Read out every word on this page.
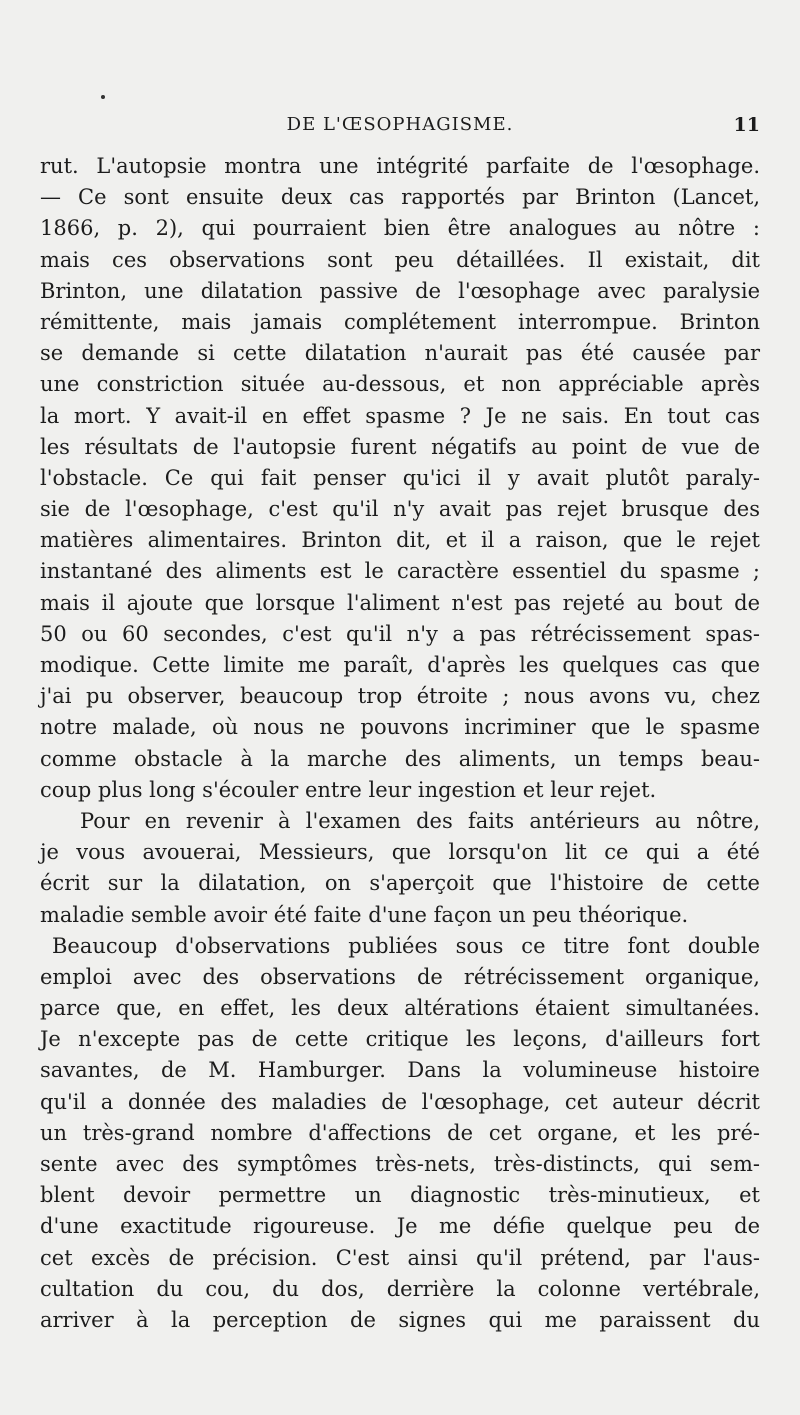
DE L'ŒSOPHAGISME.	11
rut. L'autopsie montra une intégrité parfaite de l'œsophage.
— Ce sont ensuite deux cas rapportés par Brinton (Lancet,
1866, p. 2), qui pourraient bien être analogues au nôtre :
mais ces observations sont peu détaillées. Il existait, dit
Brinton, une dilatation passive de l'œsophage avec paralysie
rémittente, mais jamais complétement interrompue. Brinton
se demande si cette dilatation n'aurait pas été causée par
une constriction située au-dessous, et non appréciable après
la mort. Y avait-il en effet spasme ? Je ne sais. En tout cas
les résultats de l'autopsie furent négatifs au point de vue de
l'obstacle. Ce qui fait penser qu'ici il y avait plutôt paraly-
sie de l'œsophage, c'est qu'il n'y avait pas rejet brusque des
matières alimentaires. Brinton dit, et il a raison, que le rejet
instantané des aliments est le caractère essentiel du spasme ;
mais il ajoute que lorsque l'aliment n'est pas rejeté au bout de
50 ou 60 secondes, c'est qu'il n'y a pas rétrécissement spas-
modique. Cette limite me paraît, d'après les quelques cas que
j'ai pu observer, beaucoup trop étroite ; nous avons vu, chez
notre malade, où nous ne pouvons incriminer que le spasme
comme obstacle à la marche des aliments, un temps beau-
coup plus long s'écouler entre leur ingestion et leur rejet.
Pour en revenir à l'examen des faits antérieurs au nôtre,
je vous avouerai, Messieurs, que lorsqu'on lit ce qui a été
écrit sur la dilatation, on s'aperçoit que l'histoire de cette
maladie semble avoir été faite d'une façon un peu théorique.
Beaucoup d'observations publiées sous ce titre font double
emploi avec des observations de rétrécissement organique,
parce que, en effet, les deux altérations étaient simultanées.
Je n'excepte pas de cette critique les leçons, d'ailleurs fort
savantes, de M. Hamburger. Dans la volumineuse histoire
qu'il a donnée des maladies de l'œsophage, cet auteur décrit
un très-grand nombre d'affections de cet organe, et les pré-
sente avec des symptômes très-nets, très-distincts, qui sem-
blent devoir permettre un diagnostic très-minutieux, et
d'une exactitude rigoureuse. Je me défie quelque peu de
cet excès de précision. C'est ainsi qu'il prétend, par l'aus-
cultation du cou, du dos, derrière la colonne vertébrale,
arriver à la perception de signes qui me paraissent du
